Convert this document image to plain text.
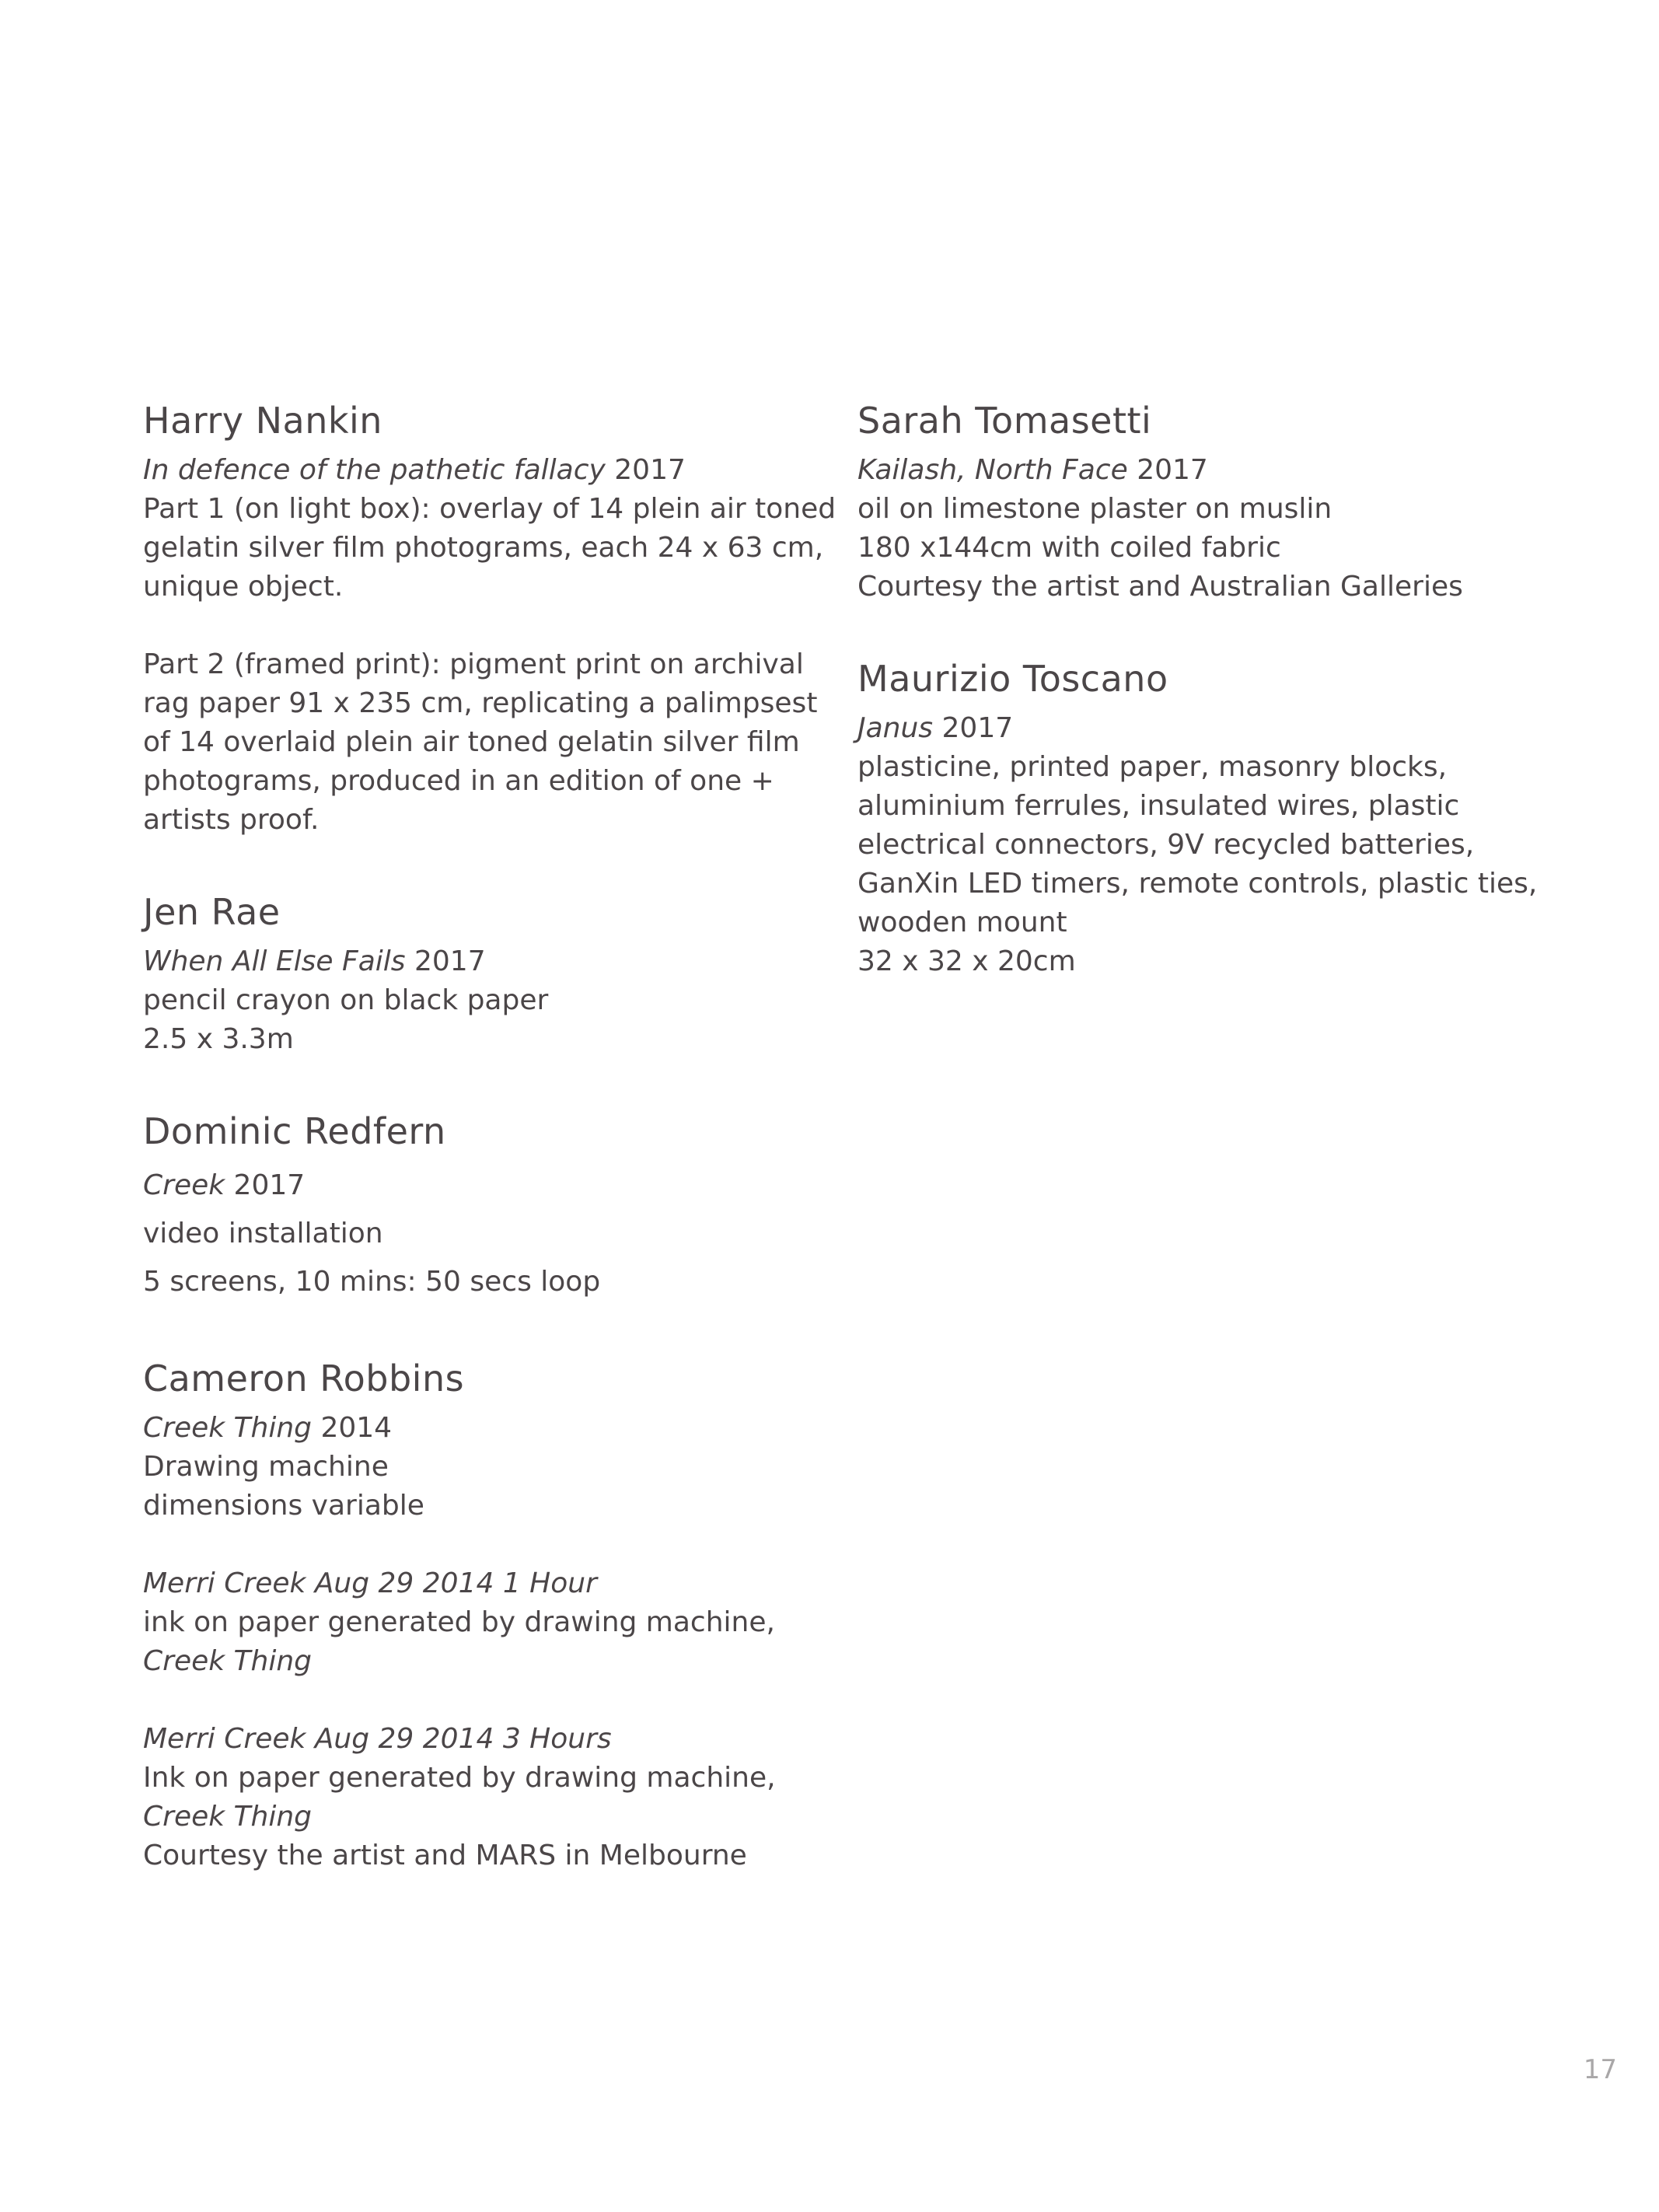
Harry Nankin

In defence of the pathetic fallacy 2017

Part 1 (on light box): overlay of 14 plein air toned

gelatin silver film photograms, each 24 x 63 cm,

unique object.

Part 2 (framed print): pigment print on archival

rag paper 91 x 235 cm, replicating a palimpsest

of 14 overlaid plein air toned gelatin silver film

photograms, produced in an edition of one +

artists proof.

Jen Rae

When All Else Fails 2017

pencil crayon on black paper

2.5 x 3.3m

Dominic Redfern

Creek 2017

video installation

5 screens, 10 mins: 50 secs loop

Cameron Robbins

Creek Thing 2014

Drawing machine

dimensions variable

Merri Creek Aug 29 2014 1 Hour

ink on paper generated by drawing machine,

Creek Thing

Merri Creek Aug 29 2014 3 Hours

Ink on paper generated by drawing machine,

Creek Thing

Courtesy the artist and MARS in Melbourne

Sarah Tomasetti

Kailash, North Face 2017

oil on limestone plaster on muslin

180 x144cm with coiled fabric

Courtesy the artist and Australian Galleries

Maurizio Toscano

Janus 2017

plasticine, printed paper, masonry blocks,

aluminium ferrules, insulated wires, plastic

electrical connectors, 9V recycled batteries,

GanXin LED timers, remote controls, plastic ties,

wooden mount

32 x 32 x 20cm

17
